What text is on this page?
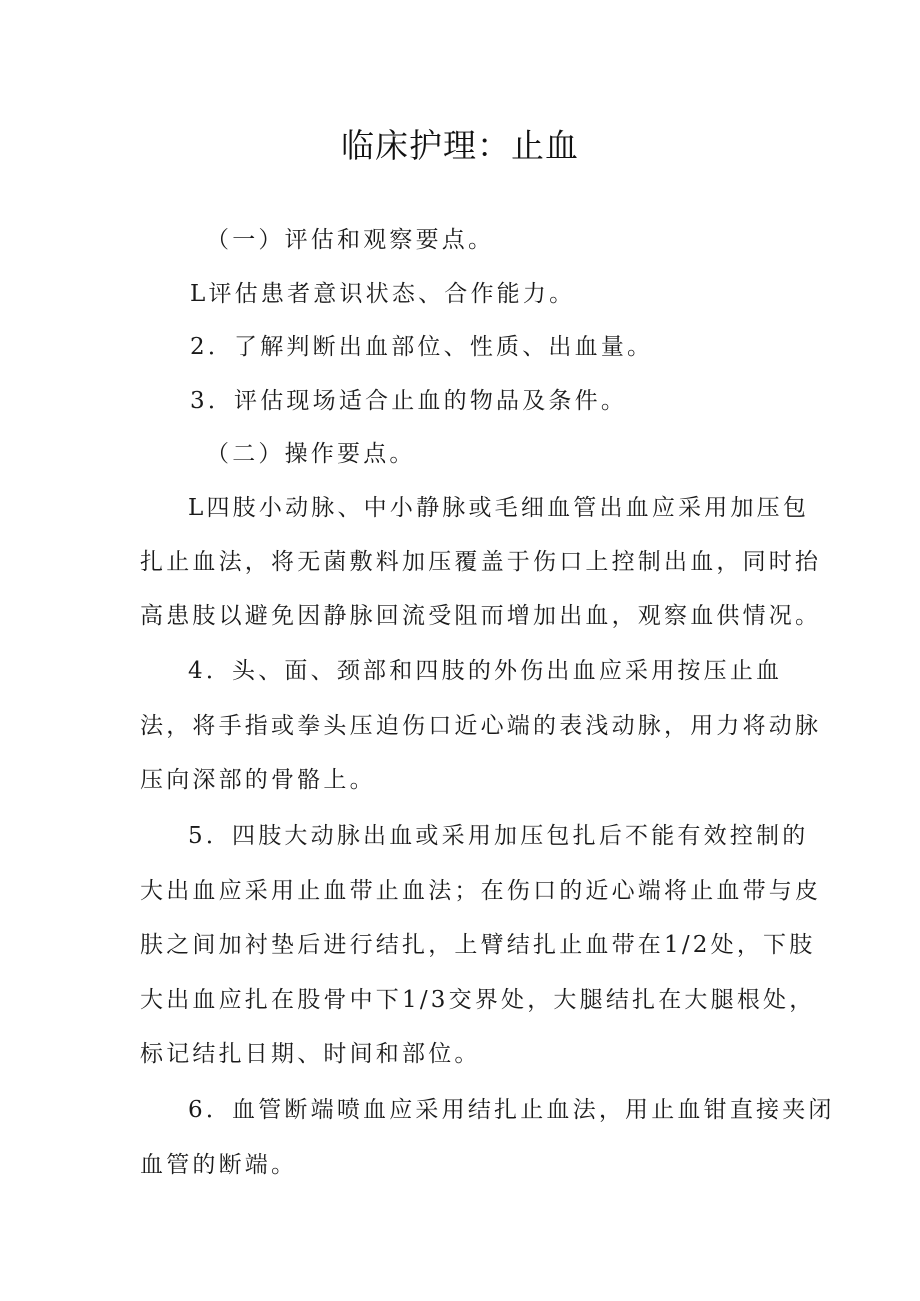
临床护理：止血

（一）评估和观察要点。

L评估患者意识状态、合作能力。

2．了解判断出血部位、性质、出血量。

3．评估现场适合止血的物品及条件。

（二）操作要点。

L四肢小动脉、中小静脉或毛细血管出血应采用加压包

扎止血法，将无菌敷料加压覆盖于伤口上控制出血，同时抬

高患肢以避免因静脉回流受阻而增加出血，观察血供情况。

4．头、面、颈部和四肢的外伤出血应采用按压止血

法，将手指或拳头压迫伤口近心端的表浅动脉，用力将动脉

压向深部的骨骼上。

5．四肢大动脉出血或采用加压包扎后不能有效控制的

大出血应采用止血带止血法；在伤口的近心端将止血带与皮

肤之间加衬垫后进行结扎，上臂结扎止血带在1/2处，下肢

大出血应扎在股骨中下1/3交界处，大腿结扎在大腿根处，

标记结扎日期、时间和部位。

6．血管断端喷血应采用结扎止血法，用止血钳直接夹闭

血管的断端。
